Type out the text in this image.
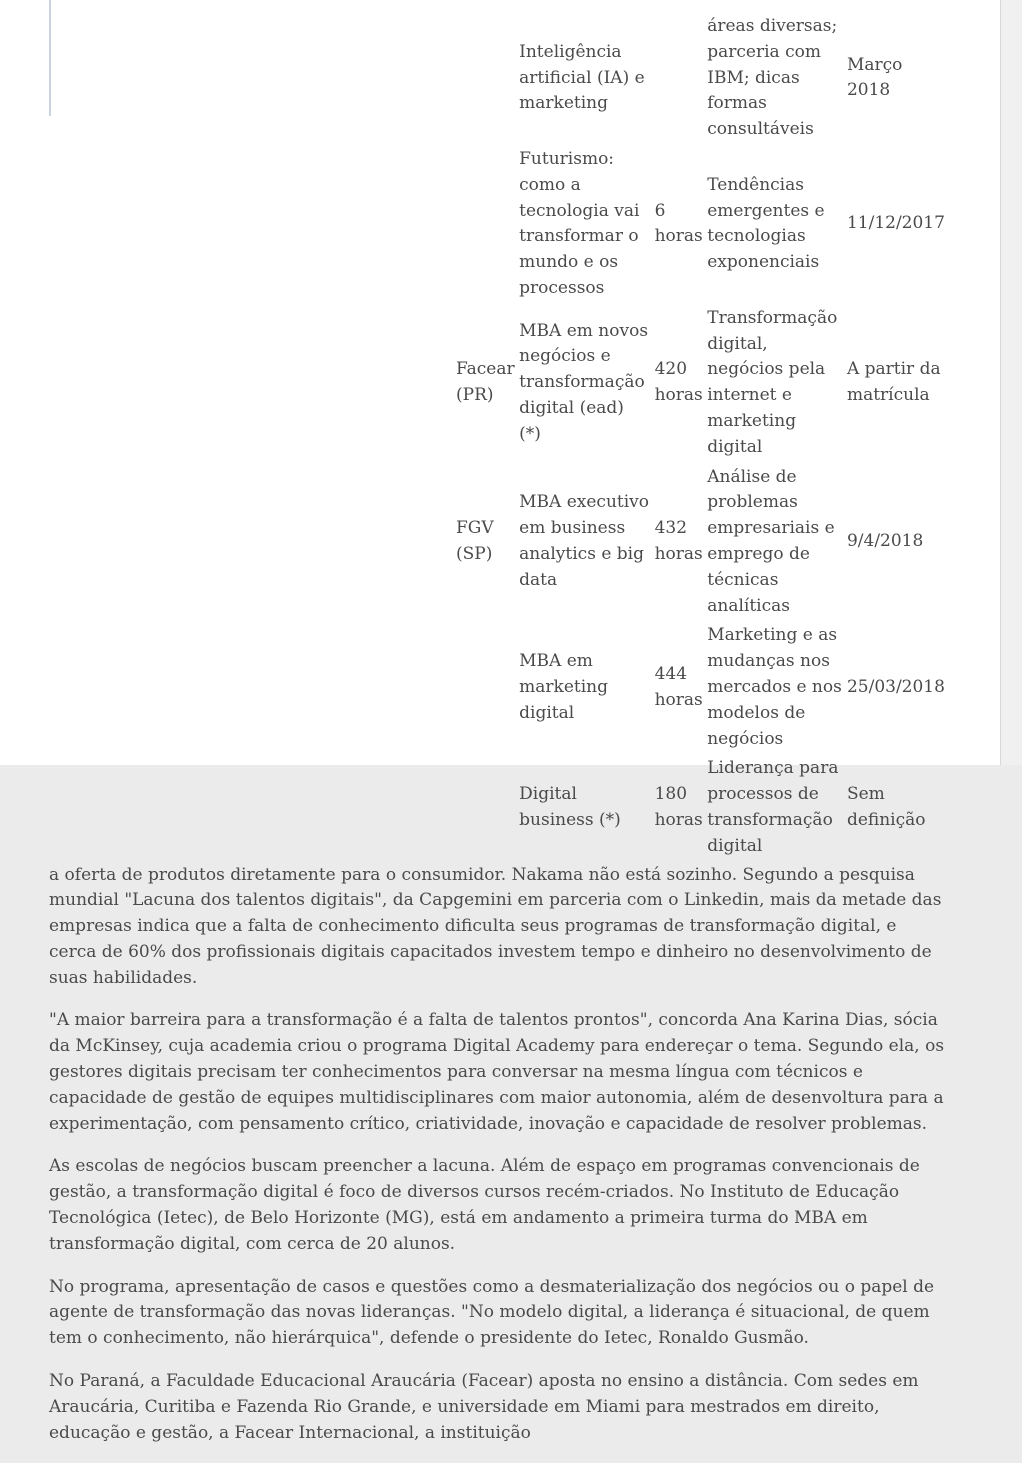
	Inteligência artificial (IA) e marketing		áreas diversas; parceria com IBM; dicas formas consultáveis	Março 2018
	Futurismo: como a tecnologia vai transformar o mundo e os processos	6 horas	Tendências emergentes e tecnologias exponenciais	11/12/2017
Facear (PR)	MBA em novos negócios e transformação digital (ead) (*)	420 horas	Transformação digital, negócios pela internet e marketing digital	A partir da matrícula
FGV (SP)	MBA executivo em business analytics e big data	432 horas	Análise de problemas empresariais e emprego de técnicas analíticas	9/4/2018
	MBA em marketing digital	444 horas	Marketing e as mudanças nos mercados e nos modelos de negócios	25/03/2018
	Digital business (*)	180 horas	Liderança para processos de transformação digital	Sem definição
a oferta de produtos diretamente para o consumidor. Nakama não está sozinho. Segundo a pesquisa mundial "Lacuna dos talentos digitais", da Capgemini em parceria com o Linkedin, mais da metade das empresas indica que a falta de conhecimento dificulta seus programas de transformação digital, e cerca de 60% dos profissionais digitais capacitados investem tempo e dinheiro no desenvolvimento de suas habilidades.

"A maior barreira para a transformação é a falta de talentos prontos", concorda Ana Karina Dias, sócia da McKinsey, cuja academia criou o programa Digital Academy para endereçar o tema. Segundo ela, os gestores digitais precisam ter conhecimentos para conversar na mesma língua com técnicos e capacidade de gestão de equipes multidisciplinares com maior autonomia, além de desenvoltura para a experimentação, com pensamento crítico, criatividade, inovação e capacidade de resolver problemas.

As escolas de negócios buscam preencher a lacuna. Além de espaço em programas convencionais de gestão, a transformação digital é foco de diversos cursos recém-criados. No Instituto de Educação Tecnológica (Ietec), de Belo Horizonte (MG), está em andamento a primeira turma do MBA em transformação digital, com cerca de 20 alunos.

No programa, apresentação de casos e questões como a desmaterialização dos negócios ou o papel de agente de transformação das novas lideranças. "No modelo digital, a liderança é situacional, de quem tem o conhecimento, não hierárquica", defende o presidente do Ietec, Ronaldo Gusmão.

No Paraná, a Faculdade Educacional Araucária (Facear) aposta no ensino a distância. Com sedes em Araucária, Curitiba e Fazenda Rio Grande, e universidade em Miami para mestrados em direito, educação e gestão, a Facear Internacional, a instituição
